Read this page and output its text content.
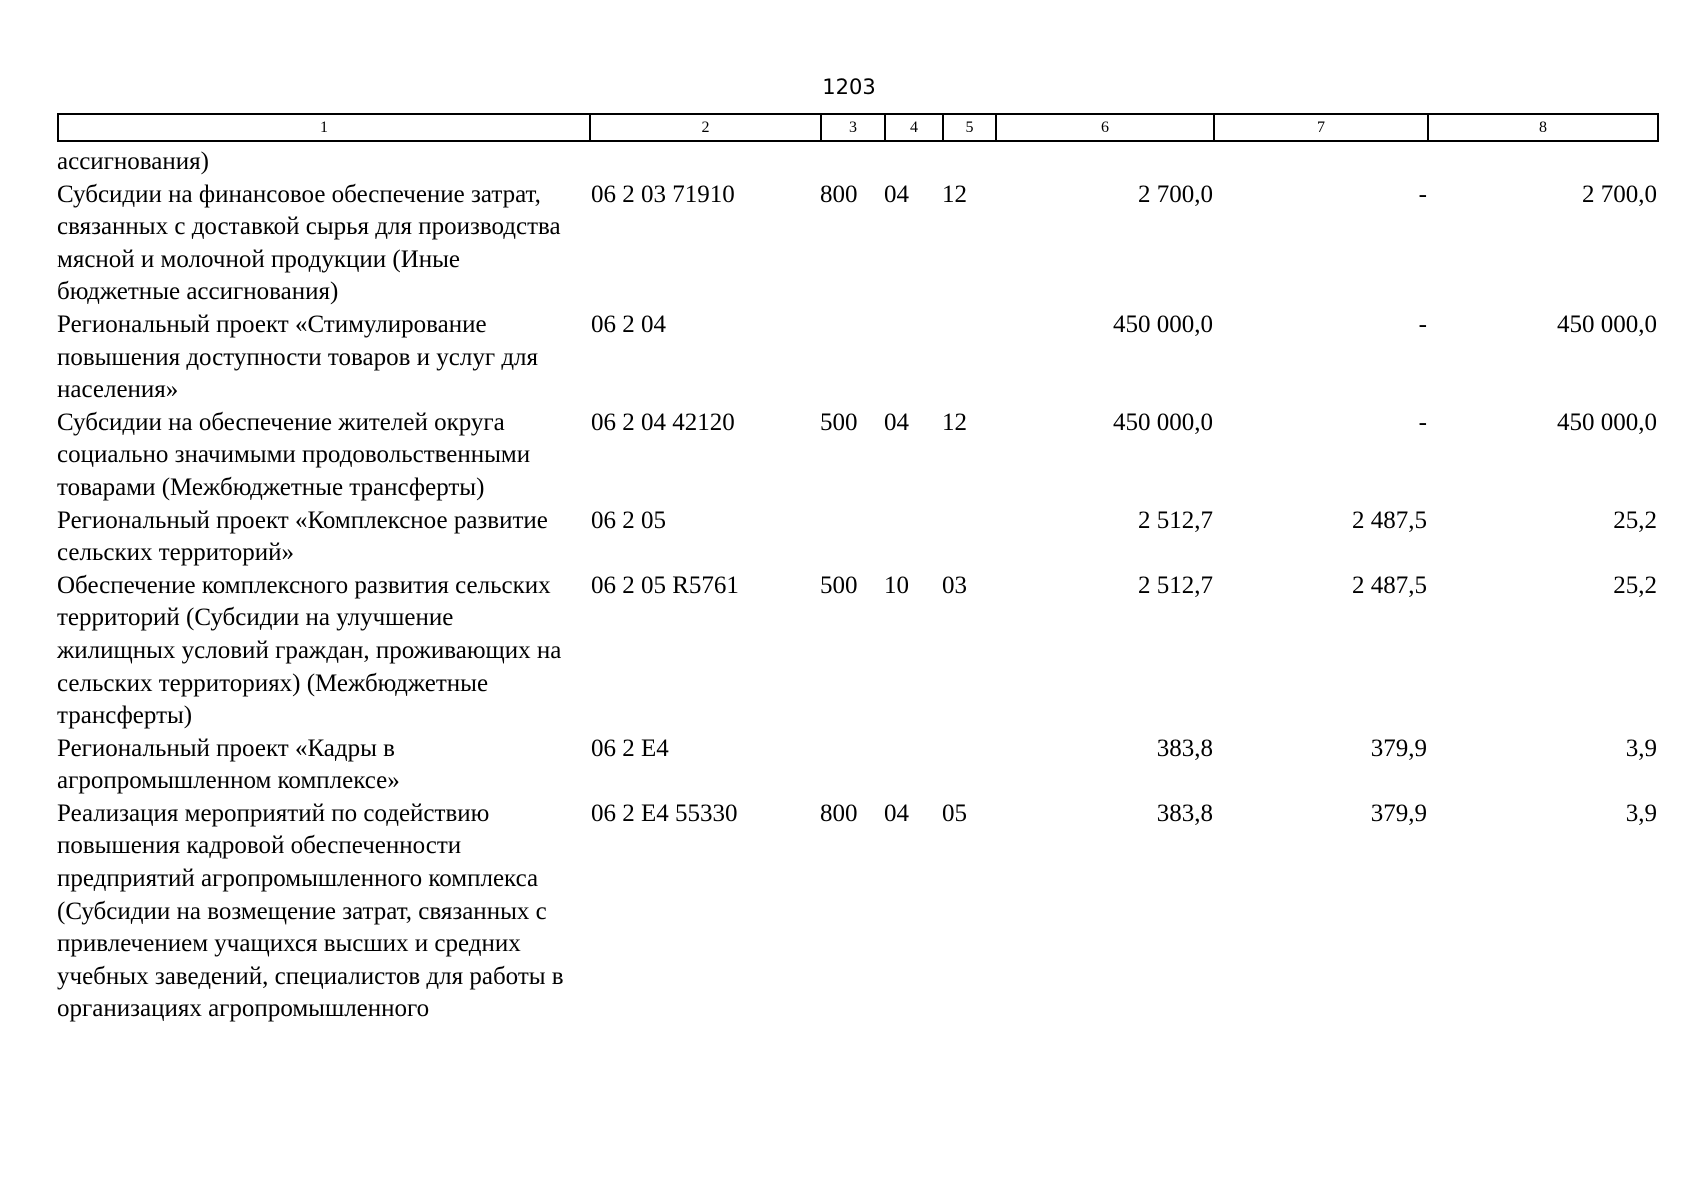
1203
1	2	3	4	5	6	7	8
ассигнования)							
Субсидии на финансовое обеспечение затрат, связанных с доставкой сырья для производства мясной и молочной продукции (Иные бюджетные ассигнования)	06 2 03 71910	800	04	12	2 700,0	-	2 700,0
Региональный проект «Стимулирование повышения доступности товаров и услуг для населения»	06 2 04				450 000,0	-	450 000,0
Субсидии на обеспечение жителей округа социально значимыми продовольственными товарами (Межбюджетные трансферты)	06 2 04 42120	500	04	12	450 000,0	-	450 000,0
Региональный проект «Комплексное развитие сельских территорий»	06 2 05				2 512,7	2 487,5	25,2
Обеспечение комплексного развития сельских территорий (Субсидии на улучшение жилищных условий граждан, проживающих на сельских территориях) (Межбюджетные трансферты)	06 2 05 R5761	500	10	03	2 512,7	2 487,5	25,2
Региональный проект «Кадры в агропромышленном комплексе»	06 2 E4				383,8	379,9	3,9
Реализация мероприятий по содействию повышения кадровой обеспеченности предприятий агропромышленного комплекса (Субсидии на возмещение затрат, связанных с привлечением учащихся высших и средних учебных заведений, специалистов для работы в организациях агропромышленного	06 2 E4 55330	800	04	05	383,8	379,9	3,9
